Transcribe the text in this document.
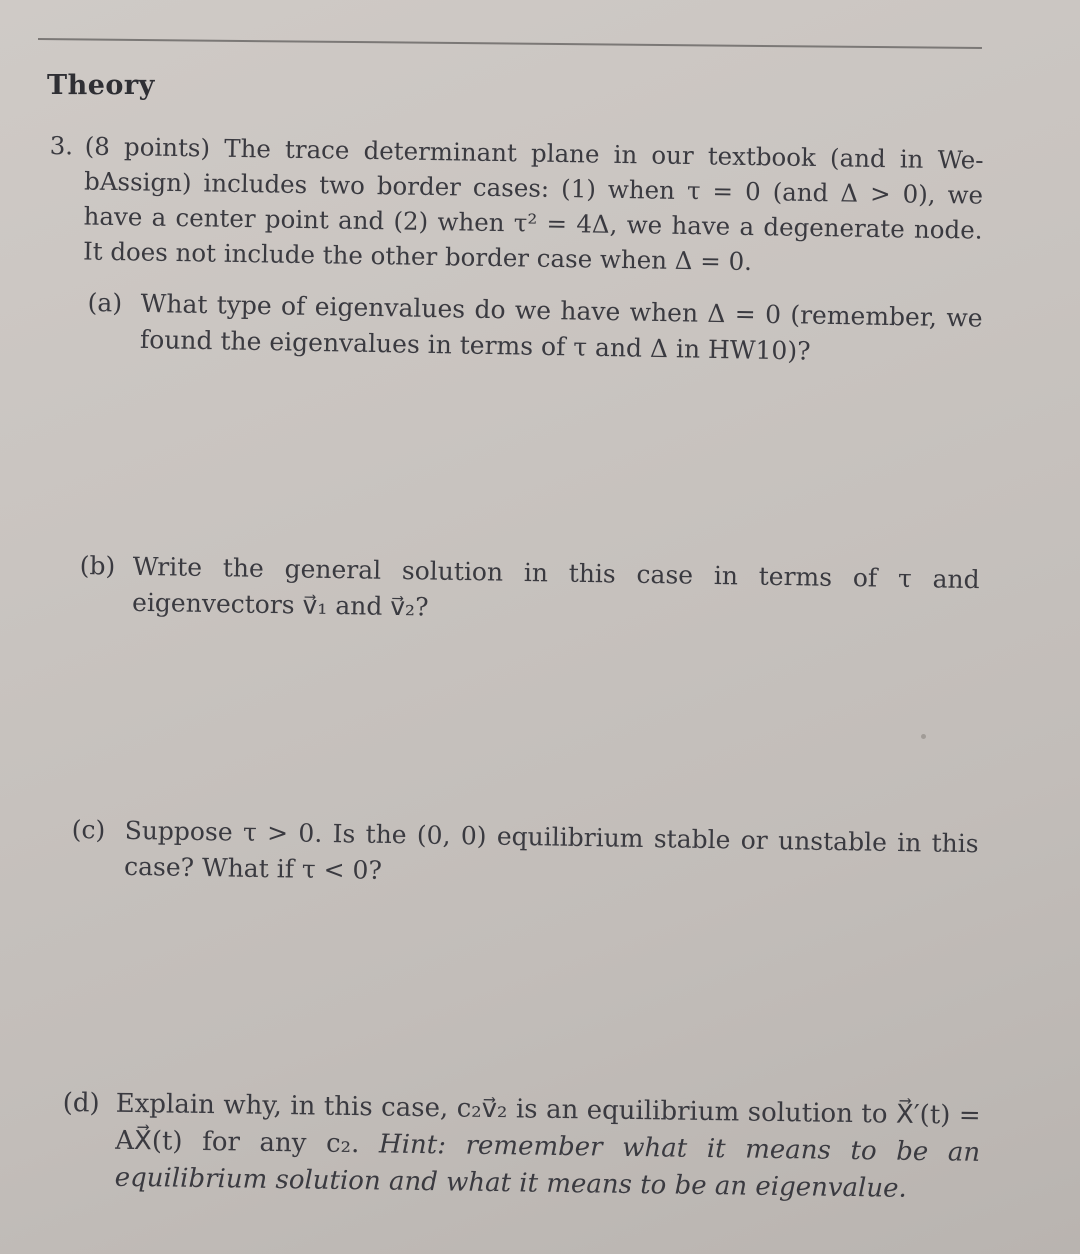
Theory
3. (8 points) The trace determinant plane in our textbook (and in We-bAssign) includes two border cases: (1) when τ = 0 (and Δ > 0), we have a center point and (2) when τ² = 4Δ, we have a degenerate node. It does not include the other border case when Δ = 0.
(a) What type of eigenvalues do we have when Δ = 0 (remember, we found the eigenvalues in terms of τ and Δ in HW10)?
(b) Write the general solution in this case in terms of τ and eigenvectors v⃗₁ and v⃗₂?
(c) Suppose τ > 0. Is the (0, 0) equilibrium stable or unstable in this case? What if τ < 0?
(d) Explain why, in this case, c₂v⃗₂ is an equilibrium solution to X⃗′(t) = AX⃗(t) for any c₂. Hint: remember what it means to be an equilibrium solution and what it means to be an eigenvalue.
